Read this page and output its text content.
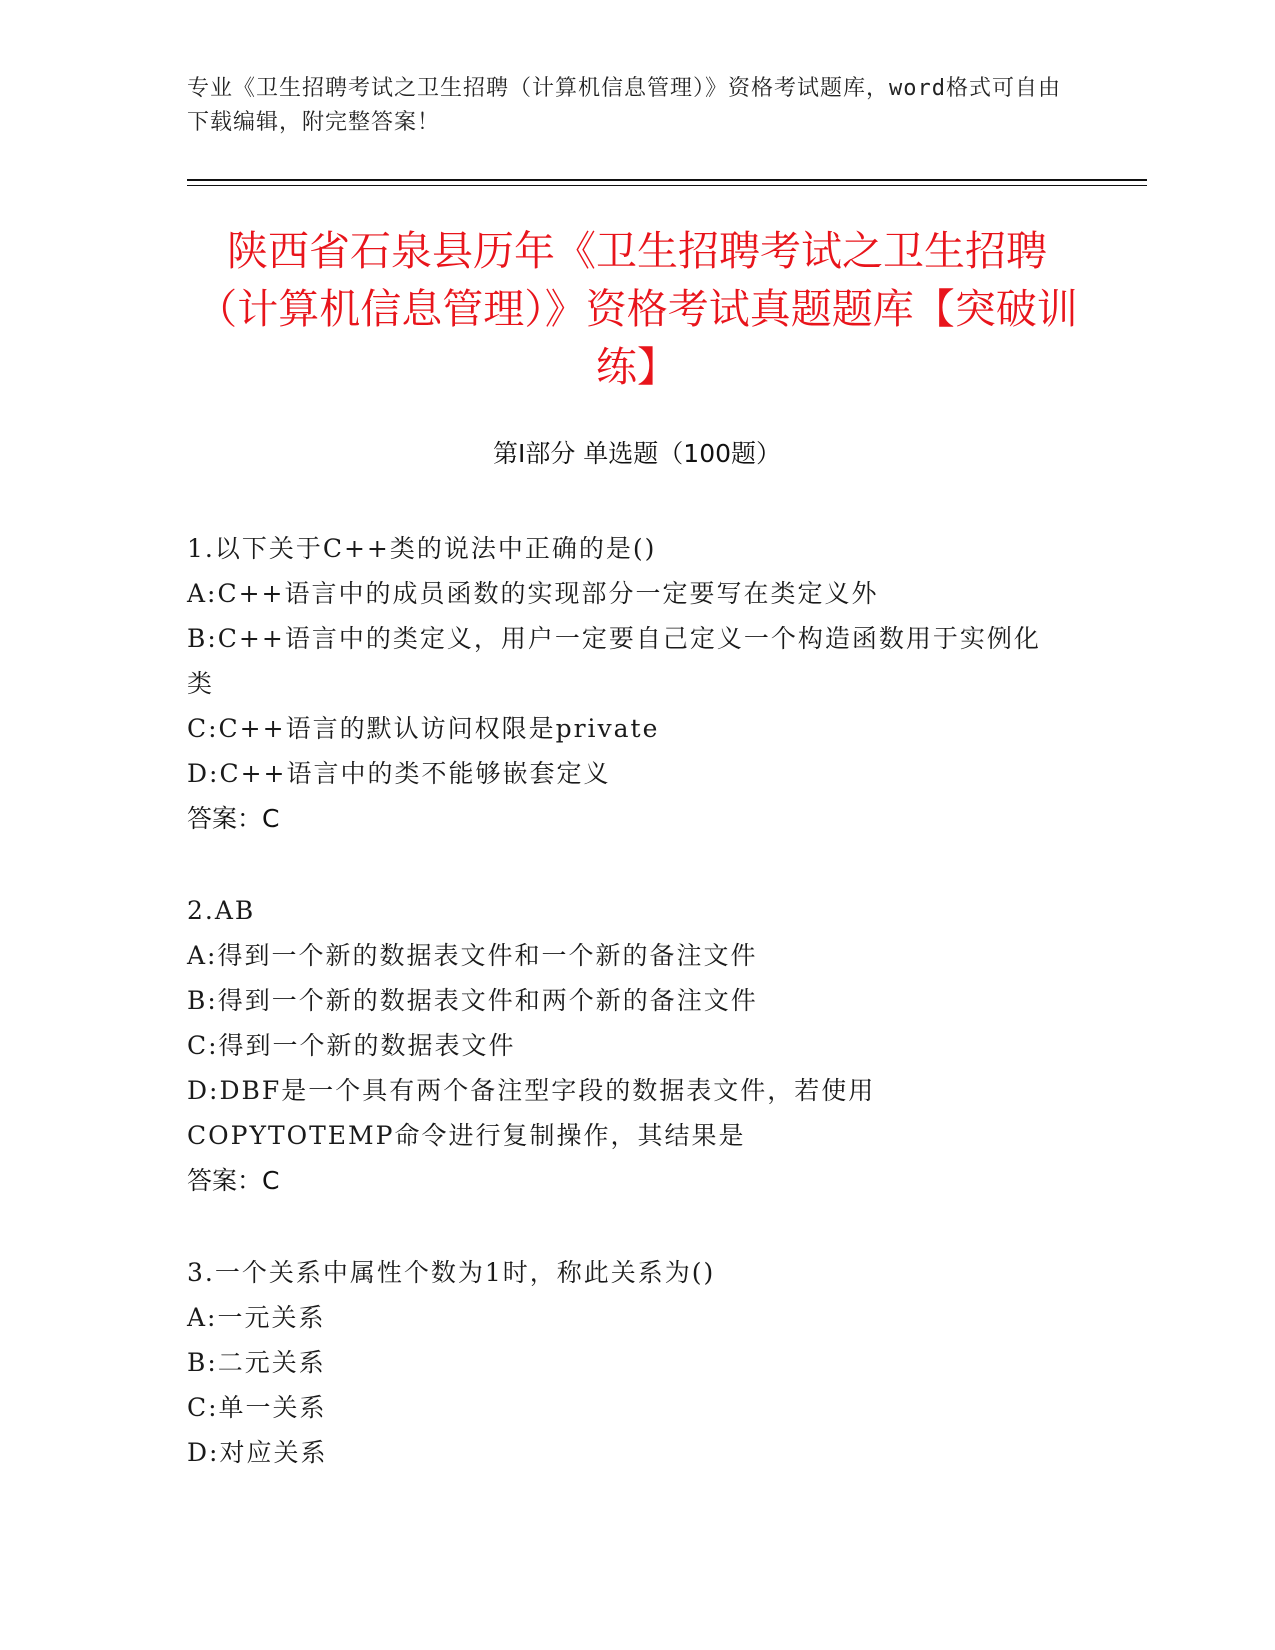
专业《卫生招聘考试之卫生招聘（计算机信息管理）》资格考试题库，word格式可自由下载编辑，附完整答案！
陕西省石泉县历年《卫生招聘考试之卫生招聘（计算机信息管理）》资格考试真题题库【突破训练】
第Ⅰ部分 单选题（100题）
1.以下关于C++类的说法中正确的是()
A:C++语言中的成员函数的实现部分一定要写在类定义外
B:C++语言中的类定义，用户一定要自己定义一个构造函数用于实例化类
C:C++语言的默认访问权限是private
D:C++语言中的类不能够嵌套定义
答案：C
2.AB
A:得到一个新的数据表文件和一个新的备注文件
B:得到一个新的数据表文件和两个新的备注文件
C:得到一个新的数据表文件
D:DBF是一个具有两个备注型字段的数据表文件，若使用COPYTOTEMP命令进行复制操作，其结果是
答案：C
3.一个关系中属性个数为1时，称此关系为()
A:一元关系
B:二元关系
C:单一关系
D:对应关系
